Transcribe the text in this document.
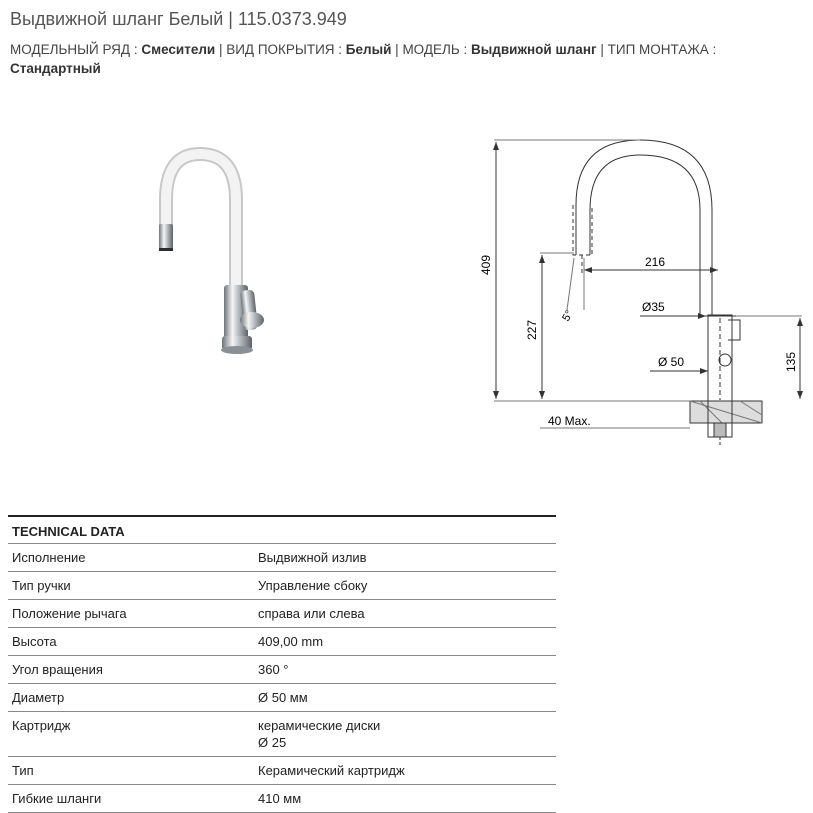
Выдвижной шланг Белый | 115.0373.949
МОДЕЛЬНЫЙ РЯД : Смесители | ВИД ПОКРЫТИЯ : Белый | МОДЕЛЬ : Выдвижной шланг | ТИП МОНТАЖА :
Стандартный
409
227
216
5°
Ø35
Ø 50	135
40 Max.
TECHNICAL DATA
Исполнение	Выдвижной излив
Тип ручки	Управление сбоку
Положение рычага	справа или слева
Высота	409,00 mm
Угол вращения	360 °
Диаметр	Ø 50 мм
Картридж	керамические диски
Ø 25
Тип	Керамический картридж
Гибкие шланги	410 мм
